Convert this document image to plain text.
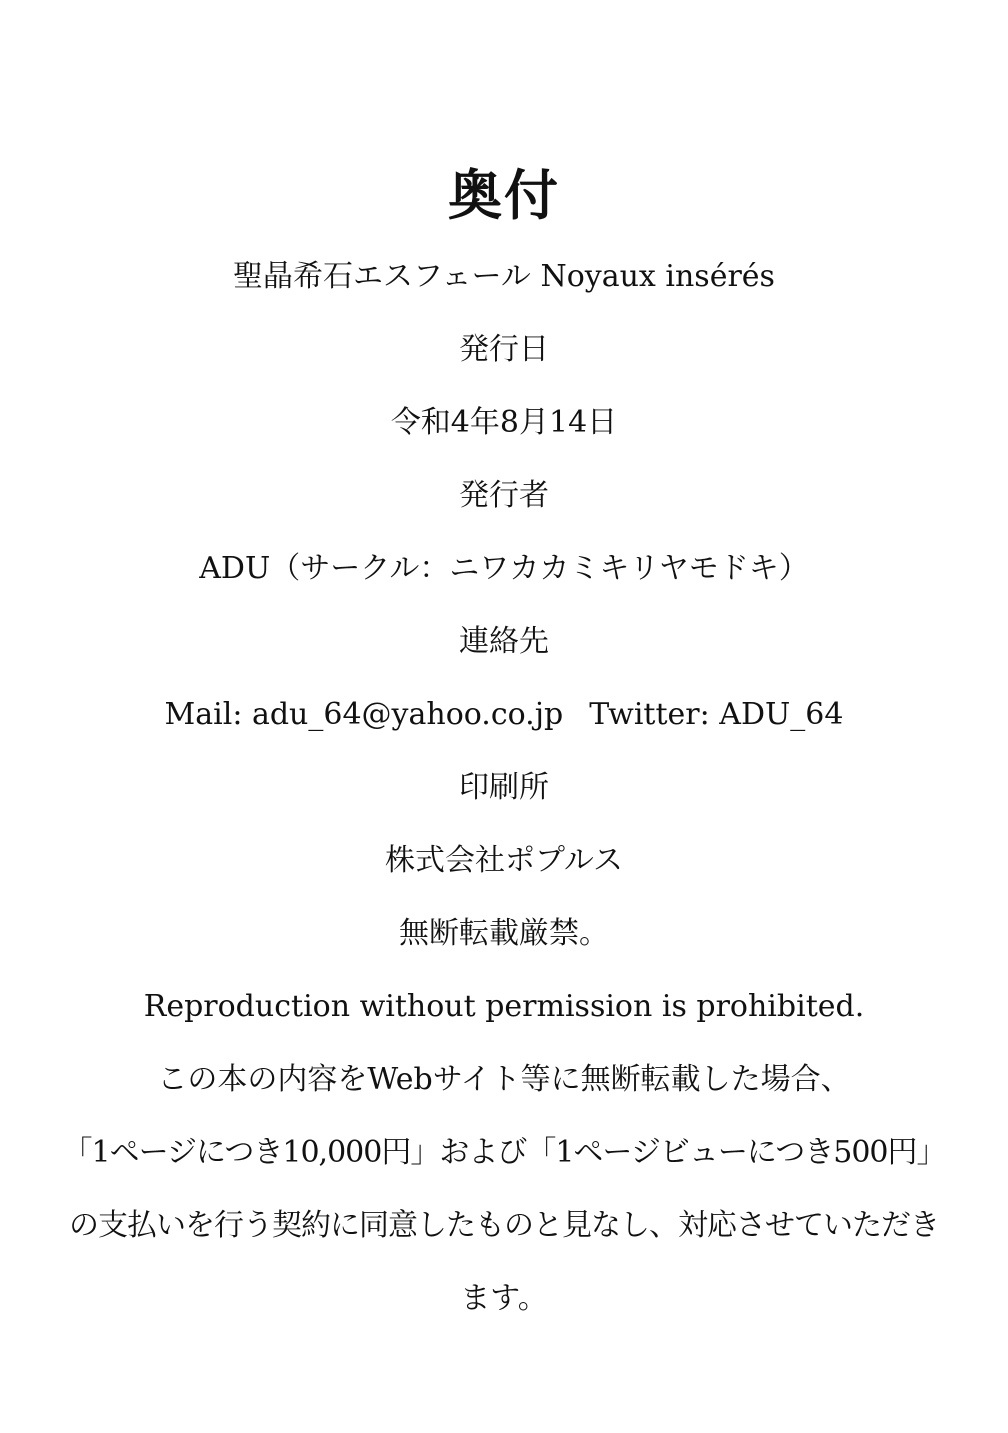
奥付
聖晶希石エスフェール Noyaux insérés
発行日
令和4年8月14日
発行者
ADU（サークル：ニワカカミキリヤモドキ）
連絡先
Mail: adu_64@yahoo.co.jp Twitter: ADU_64
印刷所
株式会社ポプルス
無断転載厳禁。
Reproduction without permission is prohibited.
この本の内容をWebサイト等に無断転載した場合、
「1ページにつき10,000円」および「1ページビューにつき500円」
の支払いを行う契約に同意したものと見なし、対応させていただき
ます。
